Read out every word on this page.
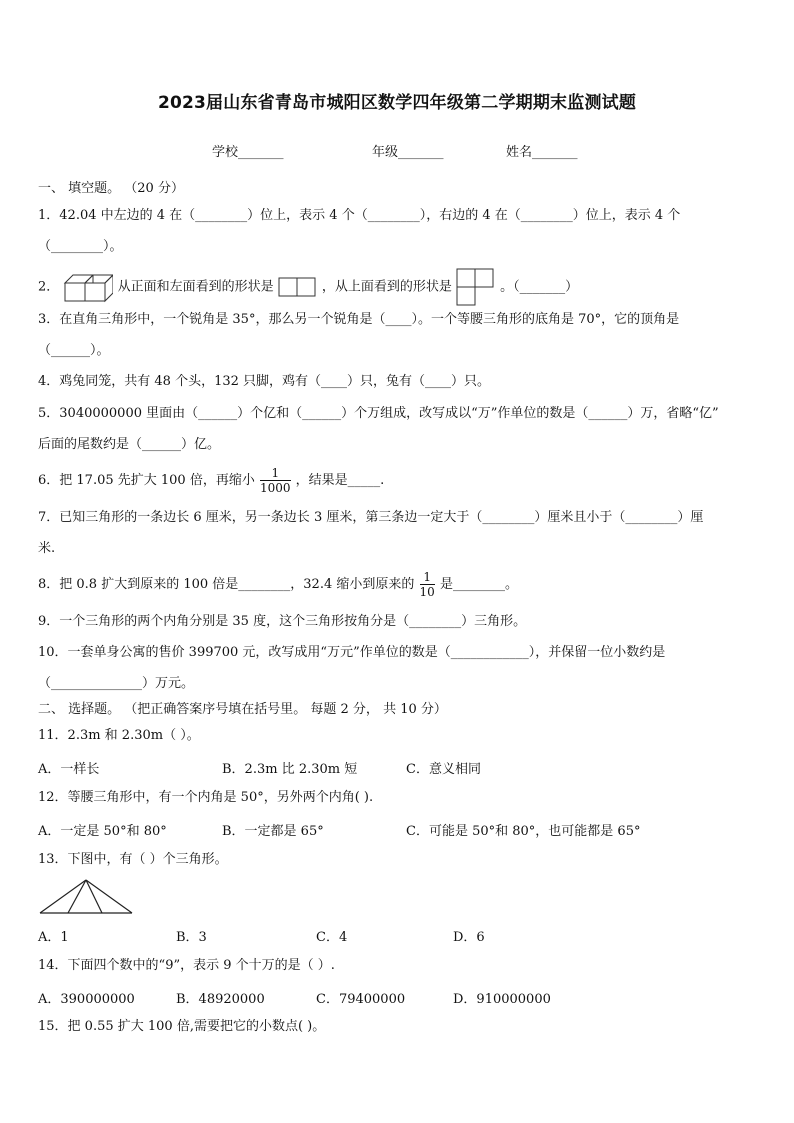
2023届山东省青岛市城阳区数学四年级第二学期期末监测试题
学校_______	年级_______	姓名_______
一、 填空题。 （20 分）
1．42.04 中左边的 4 在（________）位上，表示 4 个（________），右边的 4 在（________）位上，表示 4 个
（________）。
2．	从正面和左面看到的形状是	，从上面看到的形状是	。（_______）
3．在直角三角形中，一个锐角是 35°，那么另一个锐角是（____）。一个等腰三角形的底角是 70°，它的顶角是
（______）。
4．鸡兔同笼，共有 48 个头，132 只脚，鸡有（____）只，兔有（____）只。
5．3040000000 里面由（______）个亿和（______）个万组成，改写成以“万”作单位的数是（______）万，省略“亿”
后面的尾数约是（______）亿。
6．把 17.05 先扩大 100 倍，再缩小 $\frac{1}{1000}$ ，结果是_____.
7．已知三角形的一条边长 6 厘米，另一条边长 3 厘米，第三条边一定大于（________）厘米且小于（________）厘
米.
8．把 0.8 扩大到原来的 100 倍是________，32.4 缩小到原来的 $\frac{1}{10}$ 是________。
9．一个三角形的两个内角分别是 35 度，这个三角形按角分是（________）三角形。
10．一套单身公寓的售价 399700 元，改写成用“万元”作单位的数是（____________），并保留一位小数约是
（______________）万元。
二、 选择题。 （把正确答案序号填在括号里。 每题 2 分， 共 10 分）
11．2.3m 和 2.30m（ ）。
A．一样长	B．2.3m 比 2.30m 短	C．意义相同
12．等腰三角形中，有一个内角是 50°，另外两个内角( ).
A．一定是 50°和 80°	B．一定都是 65°	C．可能是 50°和 80°，也可能都是 65°
13．下图中，有（ ）个三角形。
A．1	B．3	C．4	D．6
14．下面四个数中的“9”，表示 9 个十万的是（ ）.
A．390000000	B．48920000	C．79400000	D．910000000
15．把 0.55 扩大 100 倍,需要把它的小数点( )。
